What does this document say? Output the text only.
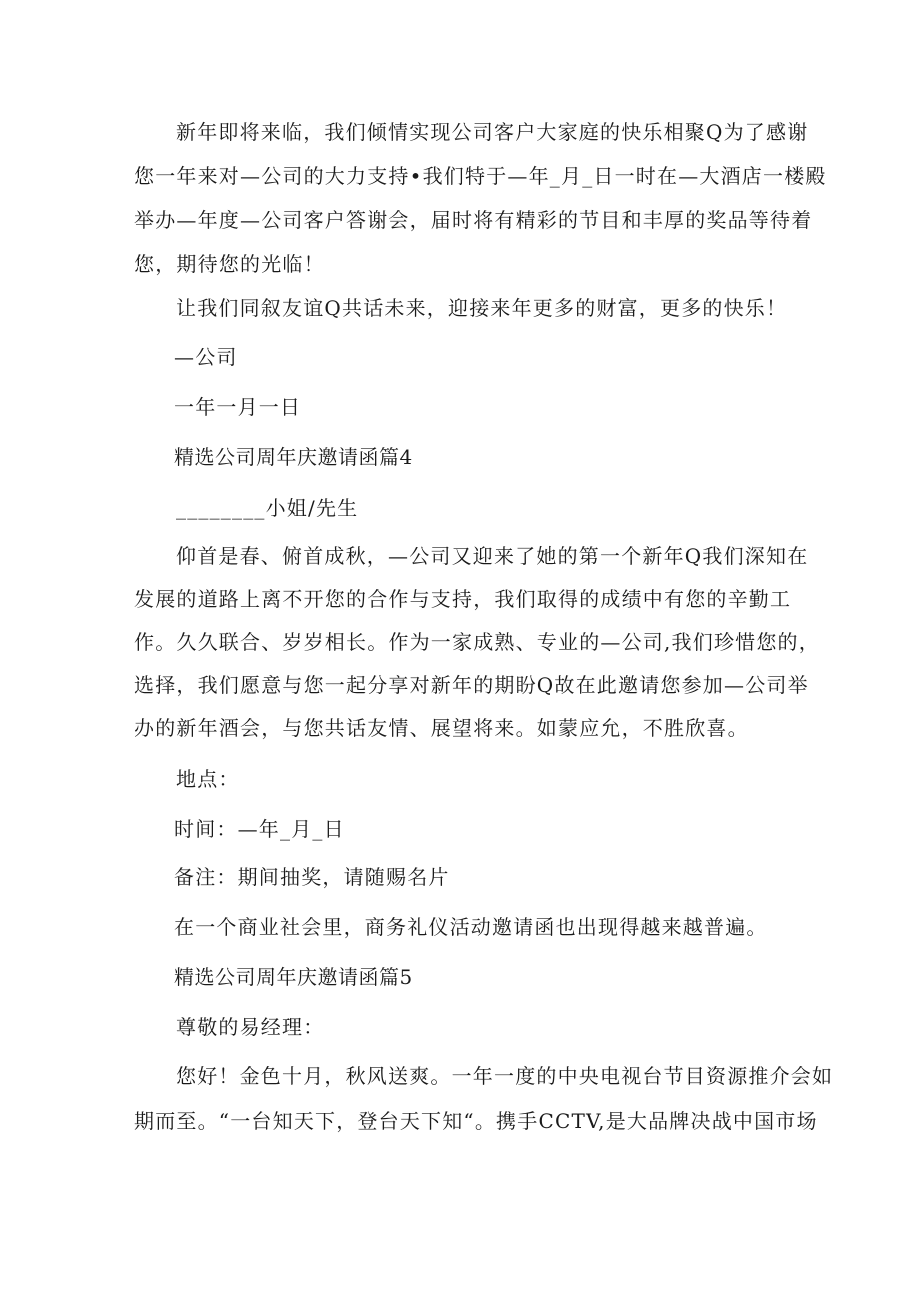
新年即将来临，我们倾情实现公司客户大家庭的快乐相聚Q为了感谢
您一年来对—公司的大力支持•我们特于—年_月_日一时在—大酒店一楼殿
举办—年度—公司客户答谢会，届时将有精彩的节目和丰厚的奖品等待着
您，期待您的光临！
让我们同叙友谊Q共话未来，迎接来年更多的财富，更多的快乐！
—公司
一年一月一日
精选公司周年庆邀请函篇4
________小姐/先生
仰首是春、俯首成秋，—公司又迎来了她的第一个新年Q我们深知在
发展的道路上离不开您的合作与支持，我们取得的成绩中有您的辛勤工
作。久久联合、岁岁相长。作为一家成熟、专业的—公司,我们珍惜您的，
选择，我们愿意与您一起分享对新年的期盼Q故在此邀请您参加—公司举
办的新年酒会，与您共话友情、展望将来。如蒙应允，不胜欣喜。
地点：
时间：—年_月_日
备注：期间抽奖，请随赐名片
在一个商业社会里，商务礼仪活动邀请函也出现得越来越普遍。
精选公司周年庆邀请函篇5
尊敬的易经理：
您好！金色十月，秋风送爽。一年一度的中央电视台节目资源推介会如
期而至。“一台知天下，登台天下知“。携手CCTV,是大品牌决战中国市场
